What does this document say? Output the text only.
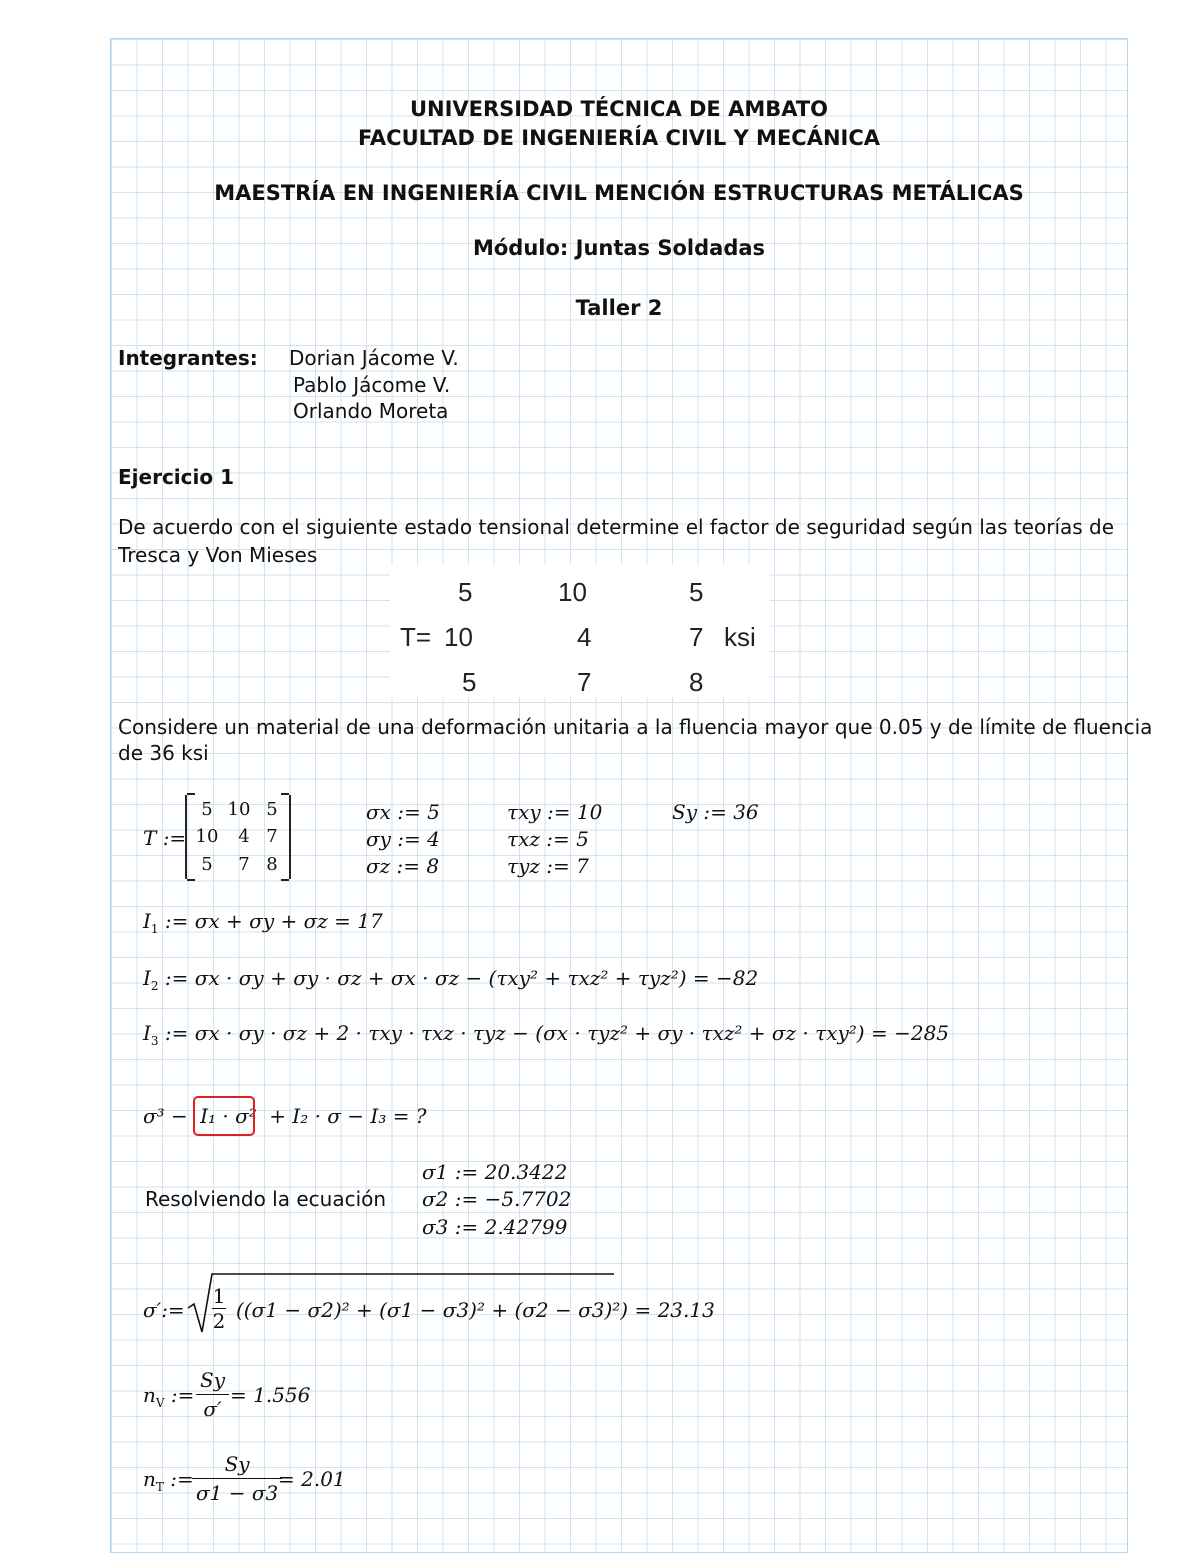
UNIVERSIDAD TÉCNICA DE AMBATO
FACULTAD DE INGENIERÍA CIVIL Y MECÁNICA
MAESTRÍA EN INGENIERÍA CIVIL MENCIÓN ESTRUCTURAS METÁLICAS
Módulo: Juntas Soldadas
Taller 2
Integrantes: Dorian Jácome V.
Pablo Jácome V.
Orlando Moreta
Ejercicio 1
De acuerdo con el siguiente estado tensional determine el factor de seguridad según las teorías de
Tresca y Von Mieses
5	10	5
T= 10	4	7 ksi
5	7	8
Considere un material de una deformación unitaria a la fluencia mayor que 0.05 y de límite de fluencia
de 36 ksi
T :=
5 10 5
10	4 7
5	7 8
σx := 5
σy := 4
σz := 8
τxy := 10
τxz := 5
τyz := 7
Sy := 36
$I_1$ := σx + σy + σz = 17
$I_2$ := σx · σy + σy · σz + σx · σz − (τxy² + τxz² + τyz²) = −82
$I_3$ := σx · σy · σz + 2 · τxy · τxz · τyz − (σx · τyz² + σy · τxz² + σz · τxy²) = −285
σ³ − I₁ · σ² + I₂ · σ − I₃ = ?
Resolviendo la ecuación
σ1 := 20.3422
σ2 := −5.7702
σ3 := 2.42799
σ′:= $\frac{1}{2} ((\sigma 1 - \sigma 2)^2 + (\sigma 1 - \sigma 3)^2 + (\sigma 2 - \sigma 3)^2) = 23.13$
$n_V$ := $\frac{Sy}{\sigma'} = 1.556$
$n_T$ :=
$\frac{Sy}{\sigma 1 - \sigma 3}$
= 2.01
